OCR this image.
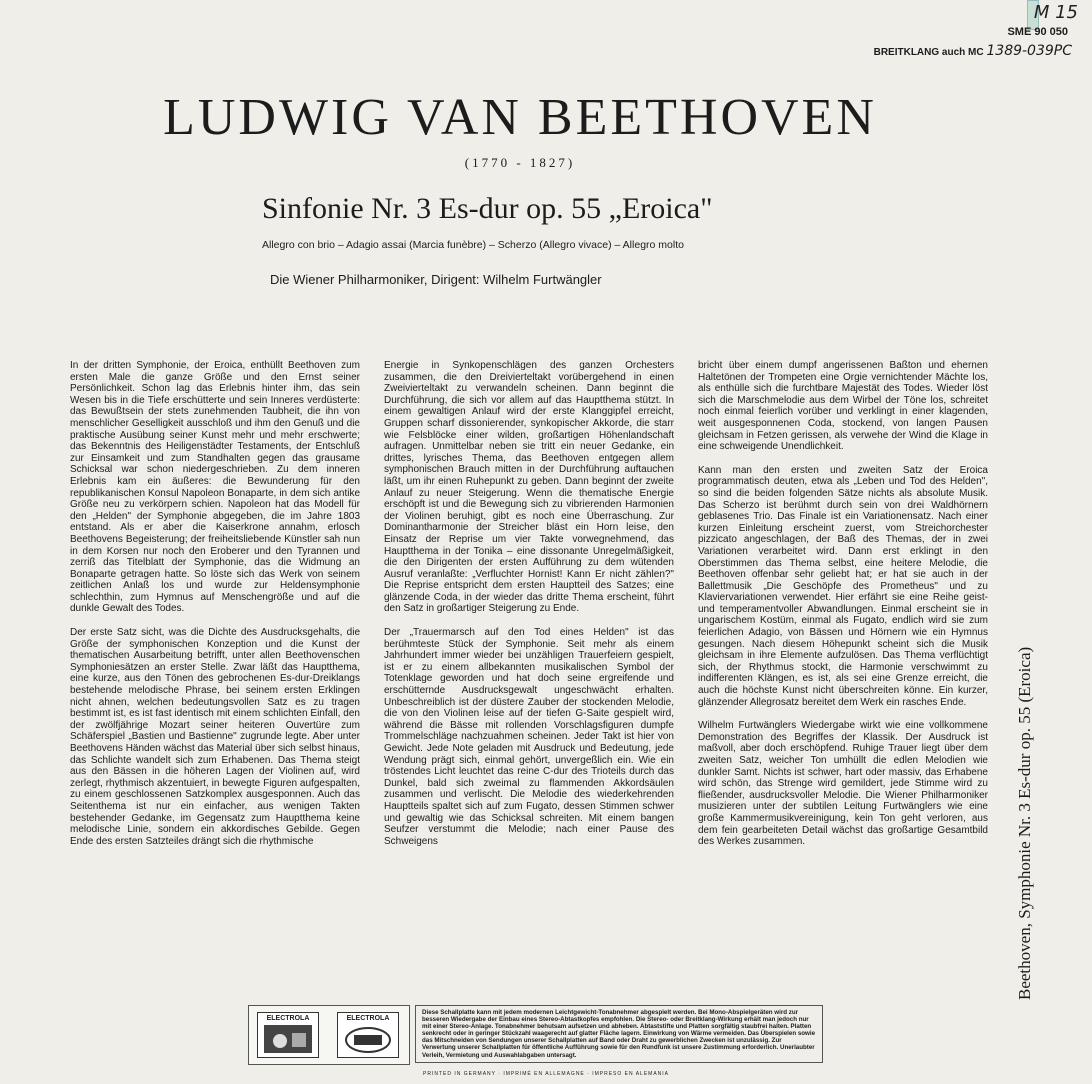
M 15
SME 90 050
BREITKLANG auch MC 1389-039PC
LUDWIG VAN BEETHOVEN
(1770 - 1827)
Sinfonie Nr. 3 Es-dur op. 55 „Eroica"
Allegro con brio – Adagio assai (Marcia funèbre) – Scherzo (Allegro vivace) – Allegro molto
Die Wiener Philharmoniker, Dirigent: Wilhelm Furtwängler

In der dritten Symphonie, der Eroica, enthüllt Beethoven zum ersten Male die ganze Größe und den Ernst seiner Persönlichkeit. Schon lag das Erlebnis hinter ihm, das sein Wesen bis in die Tiefe erschütterte und sein Inneres verdüsterte: das Bewußtsein der stets zunehmenden Taubheit, die ihn von menschlicher Geselligkeit ausschloß und ihm den Genuß und die praktische Ausübung seiner Kunst mehr und mehr erschwerte; das Bekenntnis des Heiligenstädter Testaments, der Entschluß zur Einsamkeit und zum Standhalten gegen das grausame Schicksal war schon niedergeschrieben. Zu dem inneren Erlebnis kam ein äußeres: die Bewunderung für den republikanischen Konsul Napoleon Bonaparte, in dem sich antike Größe neu zu verkörpern schien. Napoleon hat das Modell für den „Helden" der Symphonie abgegeben, die im Jahre 1803 entstand. Als er aber die Kaiserkrone annahm, erlosch Beethovens Begeisterung; der freiheitsliebende Künstler sah nun in dem Korsen nur noch den Eroberer und den Tyrannen und zerriß das Titelblatt der Symphonie, das die Widmung an Bonaparte getragen hatte. So löste sich das Werk von seinem zeitlichen Anlaß los und wurde zur Heldensymphonie schlechthin, zum Hymnus auf Menschengröße und auf die dunkle Gewalt des Todes.

Der erste Satz sicht, was die Dichte des Ausdrucksgehalts, die Größe der symphonischen Konzeption und die Kunst der thematischen Ausarbeitung betrifft, unter allen Beethovenschen Symphoniesätzen an erster Stelle. Zwar läßt das Hauptthema, eine kurze, aus den Tönen des gebrochenen Es-dur-Dreiklangs bestehende melodische Phrase, bei seinem ersten Erklingen nicht ahnen, welchen bedeutungsvollen Satz es zu tragen bestimmt ist, es ist fast identisch mit einem schlichten Einfall, den der zwölfjährige Mozart seiner heiteren Ouvertüre zum Schäferspiel „Bastien und Bastienne" zugrunde legte. Aber unter Beethovens Händen wächst das Material über sich selbst hinaus, das Schlichte wandelt sich zum Erhabenen. Das Thema steigt aus den Bässen in die höheren Lagen der Violinen auf, wird zerlegt, rhythmisch akzentuiert, in bewegte Figuren aufgespalten, zu einem geschlossenen Satzkomplex ausgesponnen. Auch das Seitenthema ist nur ein einfacher, aus wenigen Takten bestehender Gedanke, im Gegensatz zum Hauptthema keine melodische Linie, sondern ein akkordisches Gebilde. Gegen Ende des ersten Satzteiles drängt sich die rhythmische

Energie in Synkopenschlägen des ganzen Orchesters zusammen, die den Dreivierteltakt vorübergehend in einen Zweivierteltakt zu verwandeln scheinen. Dann beginnt die Durchführung, die sich vor allem auf das Hauptthema stützt. In einem gewaltigen Anlauf wird der erste Klanggipfel erreicht, Gruppen scharf dissonierender, synkopischer Akkorde, die starr wie Felsblöcke einer wilden, großartigen Höhenlandschaft aufragen. Unmittelbar neben sie tritt ein neuer Gedanke, ein drittes, lyrisches Thema, das Beethoven entgegen allem symphonischen Brauch mitten in der Durchführung auftauchen läßt, um ihr einen Ruhepunkt zu geben. Dann beginnt der zweite Anlauf zu neuer Steigerung. Wenn die thematische Energie erschöpft ist und die Bewegung sich zu vibrierenden Harmonien der Violinen beruhigt, gibt es noch eine Überraschung. Zur Dominantharmonie der Streicher bläst ein Horn leise, den Einsatz der Reprise um vier Takte vorwegnehmend, das Hauptthema in der Tonika – eine dissonante Unregelmäßigkeit, die den Dirigenten der ersten Aufführung zu dem wütenden Ausruf veranlaßte: „Verfluchter Hornist! Kann Er nicht zählen?" Die Reprise entspricht dem ersten Hauptteil des Satzes; eine glänzende Coda, in der wieder das dritte Thema erscheint, führt den Satz in großartiger Steigerung zu Ende.

Der „Trauermarsch auf den Tod eines Helden" ist das berühmteste Stück der Symphonie. Seit mehr als einem Jahrhundert immer wieder bei unzähligen Trauerfeiern gespielt, ist er zu einem allbekannten musikalischen Symbol der Totenklage geworden und hat doch seine ergreifende und erschütternde Ausdrucksgewalt ungeschwächt erhalten. Unbeschreiblich ist der düstere Zauber der stockenden Melodie, die von den Violinen leise auf der tiefen G-Saite gespielt wird, während die Bässe mit rollenden Vorschlagsfiguren dumpfe Trommelschläge nachzuahmen scheinen. Jeder Takt ist hier von Gewicht. Jede Note geladen mit Ausdruck und Bedeutung, jede Wendung prägt sich, einmal gehört, unvergeßlich ein. Wie ein tröstendes Licht leuchtet das reine C-dur des Trioteils durch das Dunkel, bald sich zweimal zu flammenden Akkordsäulen zusammen und verlischt. Die Melodie des wiederkehrenden Hauptteils spaltet sich auf zum Fugato, dessen Stimmen schwer und gewaltig wie das Schicksal schreiten. Mit einem bangen Seufzer verstummt die Melodie; nach einer Pause des Schweigens

bricht über einem dumpf angerissenen Baßton und ehernen Haltetönen der Trompeten eine Orgie vernichtender Mächte los, als enthülle sich die furchtbare Majestät des Todes. Wieder löst sich die Marschmelodie aus dem Wirbel der Töne los, schreitet noch einmal feierlich vorüber und verklingt in einer klagenden, weit ausgesponnenen Coda, stockend, von langen Pausen gleichsam in Fetzen gerissen, als verwehe der Wind die Klage in eine schweigende Unendlichkeit.

Kann man den ersten und zweiten Satz der Eroica programmatisch deuten, etwa als „Leben und Tod des Helden", so sind die beiden folgenden Sätze nichts als absolute Musik. Das Scherzo ist berühmt durch sein von drei Waldhörnern geblasenes Trio. Das Finale ist ein Variationensatz. Nach einer kurzen Einleitung erscheint zuerst, vom Streichorchester pizzicato angeschlagen, der Baß des Themas, der in zwei Variationen verarbeitet wird. Dann erst erklingt in den Oberstimmen das Thema selbst, eine heitere Melodie, die Beethoven offenbar sehr geliebt hat; er hat sie auch in der Ballettmusik „Die Geschöpfe des Prometheus" und zu Klaviervariationen verwendet. Hier erfährt sie eine Reihe geist- und temperamentvoller Abwandlungen. Einmal erscheint sie in ungarischem Kostüm, einmal als Fugato, endlich wird sie zum feierlichen Adagio, von Bässen und Hörnern wie ein Hymnus gesungen. Nach diesem Höhepunkt scheint sich die Musik gleichsam in ihre Elemente aufzulösen. Das Thema verflüchtigt sich, der Rhythmus stockt, die Harmonie verschwimmt zu indifferenten Klängen, es ist, als sei eine Grenze erreicht, die auch die höchste Kunst nicht überschreiten könne. Ein kurzer, glänzender Allegrosatz bereitet dem Werk ein rasches Ende.

Wilhelm Furtwänglers Wiedergabe wirkt wie eine vollkommene Demonstration des Begriffes der Klassik. Der Ausdruck ist maßvoll, aber doch erschöpfend. Ruhige Trauer liegt über dem zweiten Satz, weicher Ton umhüllt die edlen Melodien wie dunkler Samt. Nichts ist schwer, hart oder massiv, das Erhabene wird schön, das Strenge wird gemildert, jede Stimme wird zu fließender, ausdrucksvoller Melodie. Die Wiener Philharmoniker musizieren unter der subtilen Leitung Furtwänglers wie eine große Kammermusikvereinigung, kein Ton geht verloren, aus dem fein gearbeiteten Detail wächst das großartige Gesamtbild des Werkes zusammen.	Beethoven, Symphonie Nr. 3 Es-dur op. 55 (Eroica)
ELECTROLA	ELECTROLA
Diese Schallplatte kann mit jedem modernen Leichtgewicht-Tonabnehmer abgespielt werden. Bei Mono-Abspielgeräten wird zur besseren Wiedergabe der Einbau eines Stereo-Abtastkopfes empfohlen. Die Stereo- oder Breitklang-Wirkung erhält man jedoch nur mit einer Stereo-Anlage. Tonabnehmer behutsam aufsetzen und abheben. Abtaststifte und Platten sorgfältig staubfrei halten. Platten senkrecht oder in geringer Stückzahl waagerecht auf glatter Fläche lagern. Einwirkung von Wärme vermeiden. Das Überspielen sowie das Mitschneiden von Sendungen unserer Schallplatten auf Band oder Draht zu gewerblichen Zwecken ist unzulässig. Zur Verwertung unserer Schallplatten für öffentliche Aufführung sowie für den Rundfunk ist unsere Zustimmung erforderlich. Unerlaubter Verleih, Vermietung und Auswahlabgaben untersagt.
PRINTED IN GERMANY · IMPRIMÉ EN ALLEMAGNE · IMPRESO EN ALEMANIA
